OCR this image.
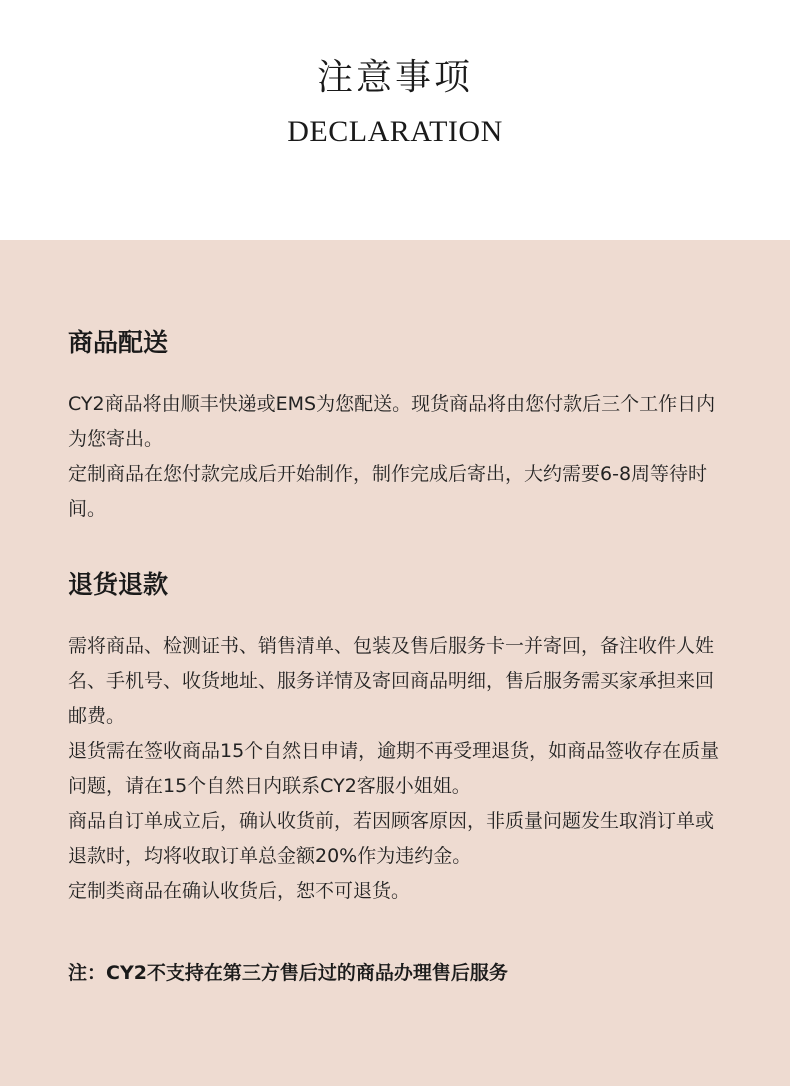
注意事项
DECLARATION
商品配送

CY2商品将由顺丰快递或EMS为您配送。现货商品将由您付款后三个工作日内为您寄出。

定制商品在您付款完成后开始制作，制作完成后寄出，大约需要6-8周等待时间。

退货退款

需将商品、检测证书、销售清单、包装及售后服务卡一并寄回，备注收件人姓名、手机号、收货地址、服务详情及寄回商品明细，售后服务需买家承担来回邮费。

退货需在签收商品15个自然日申请，逾期不再受理退货，如商品签收存在质量问题，请在15个自然日内联系CY2客服小姐姐。

商品自订单成立后，确认收货前，若因顾客原因，非质量问题发生取消订单或退款时，均将收取订单总金额20%作为违约金。

定制类商品在确认收货后，恕不可退货。

注：CY2不支持在第三方售后过的商品办理售后服务
